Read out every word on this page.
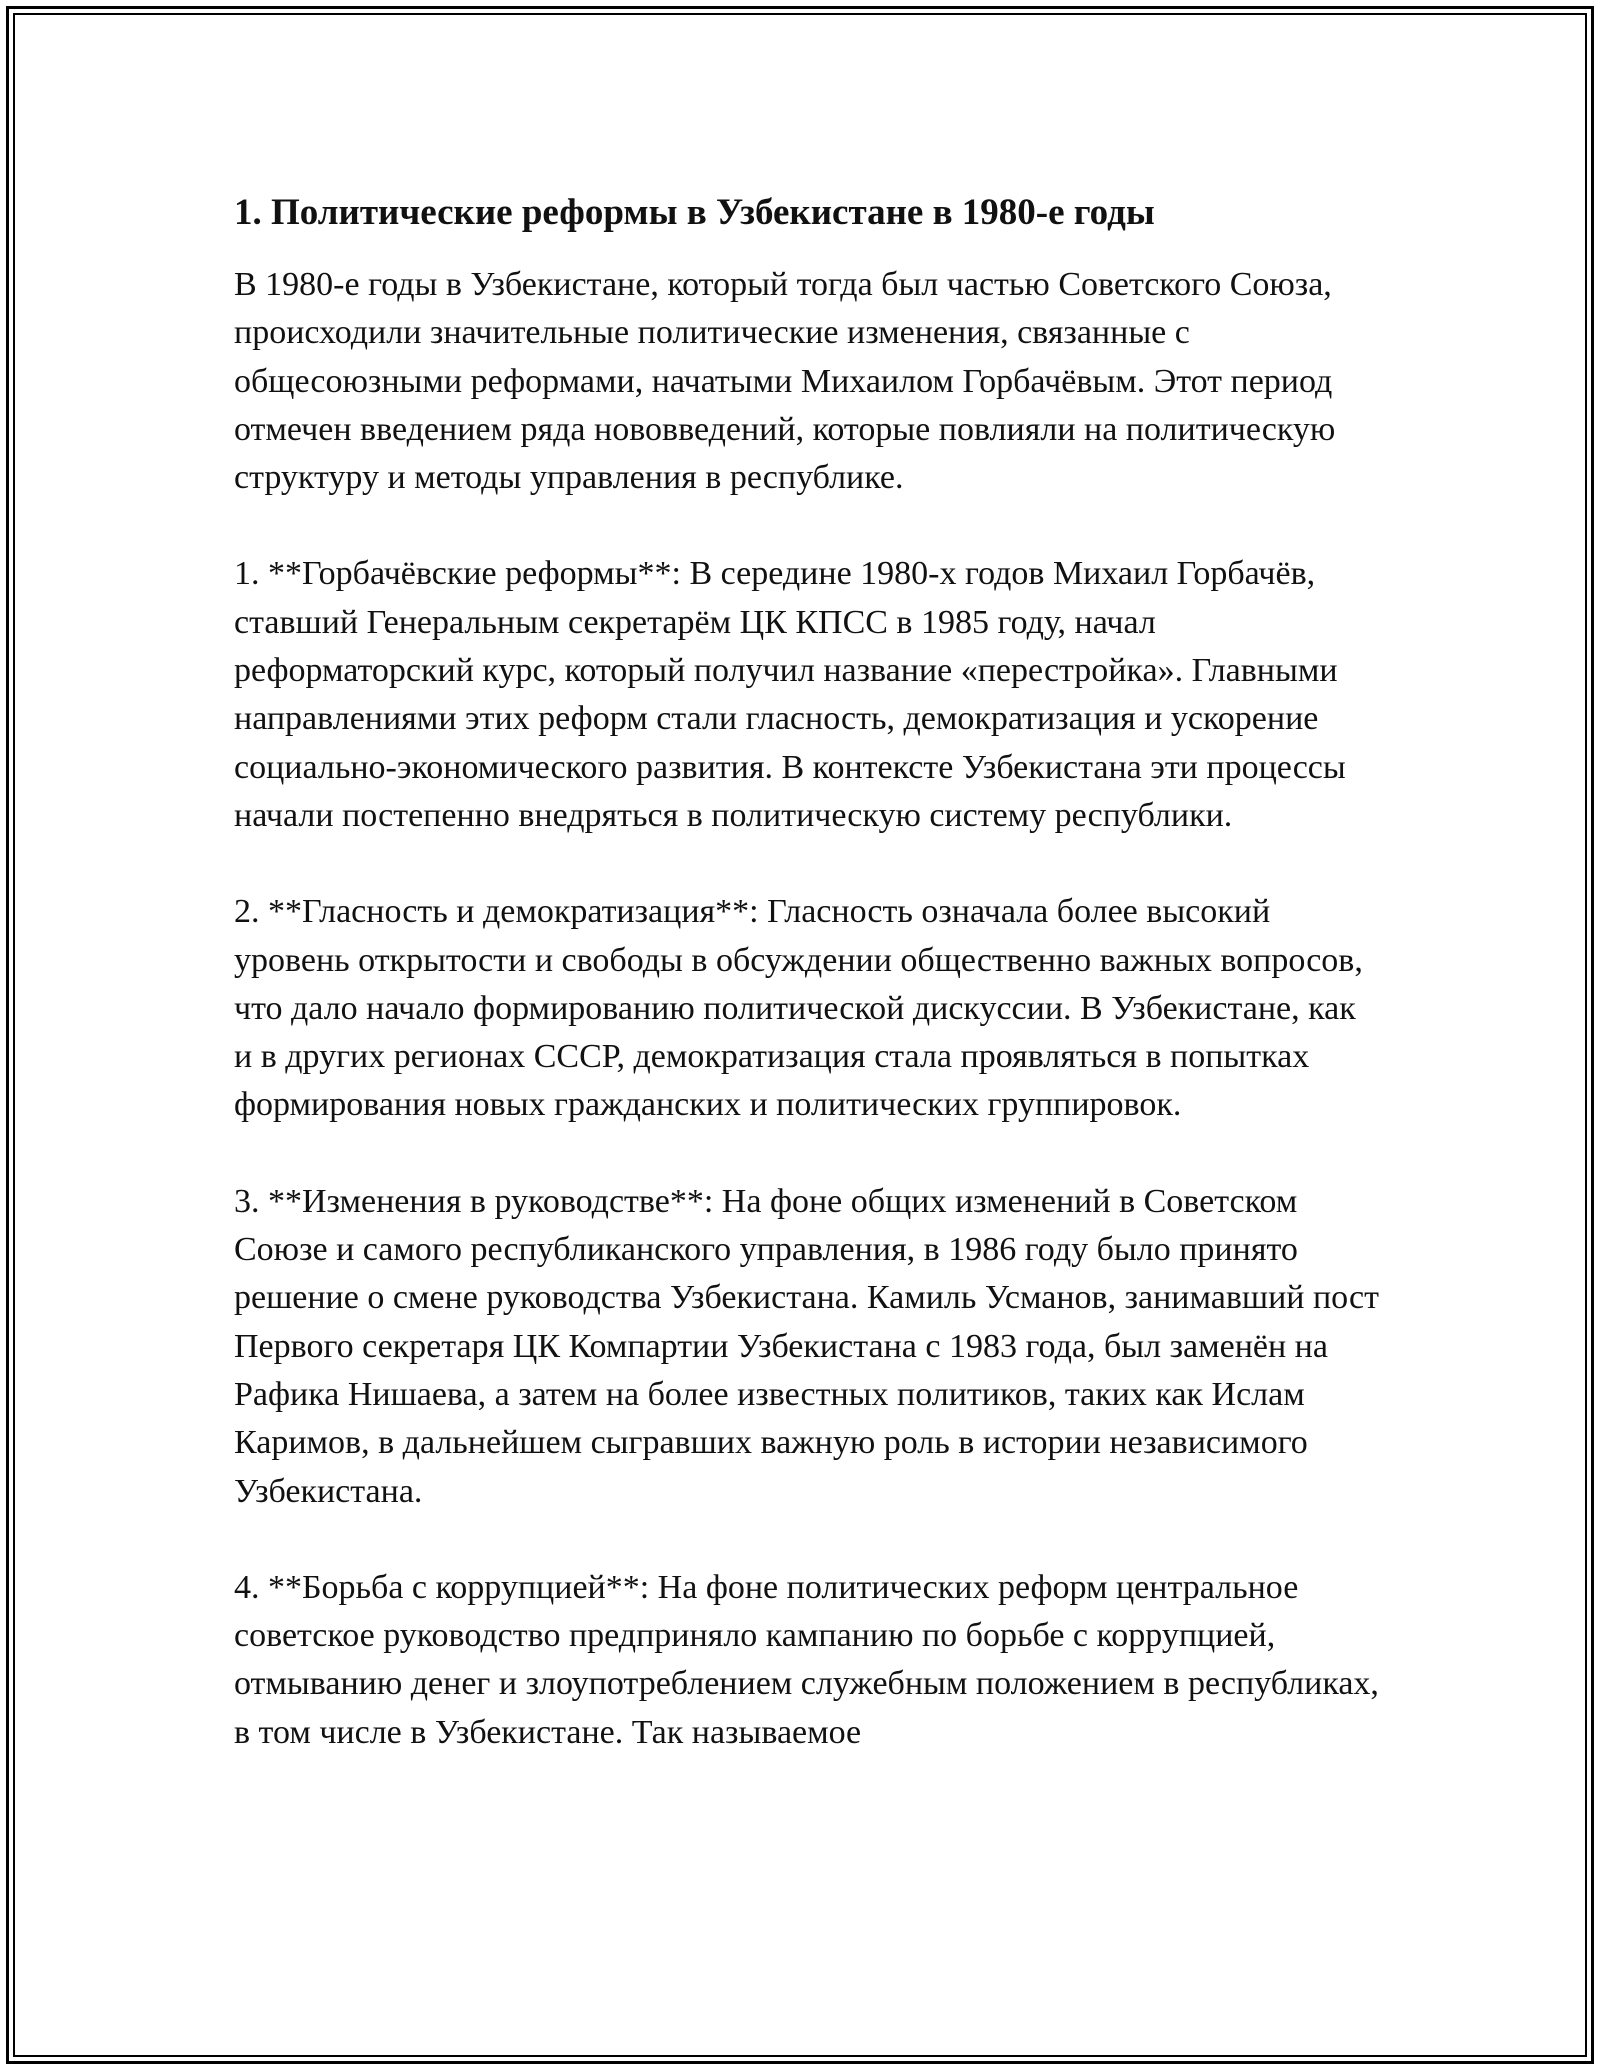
1. Политические реформы в Узбекистане в 1980-е годы

В 1980-е годы в Узбекистане, который тогда был частью Советского Союза, происходили значительные политические изменения, связанные с общесоюзными реформами, начатыми Михаилом Горбачёвым. Этот период отмечен введением ряда нововведений, которые повлияли на политическую структуру и методы управления в республике.

1. **Горбачёвские реформы**: В середине 1980-х годов Михаил Горбачёв, ставший Генеральным секретарём ЦК КПСС в 1985 году, начал реформаторский курс, который получил название «перестройка». Главными направлениями этих реформ стали гласность, демократизация и ускорение социально-экономического развития. В контексте Узбекистана эти процессы начали постепенно внедряться в политическую систему республики.

2. **Гласность и демократизация**: Гласность означала более высокий уровень открытости и свободы в обсуждении общественно важных вопросов, что дало начало формированию политической дискуссии. В Узбекистане, как и в других регионах СССР, демократизация стала проявляться в попытках формирования новых гражданских и политических группировок.

3. **Изменения в руководстве**: На фоне общих изменений в Советском Союзе и самого республиканского управления, в 1986 году было принято решение о смене руководства Узбекистана. Камиль Усманов, занимавший пост Первого секретаря ЦК Компартии Узбекистана с 1983 года, был заменён на Рафика Нишаева, а затем на более известных политиков, таких как Ислам Каримов, в дальнейшем сыгравших важную роль в истории независимого Узбекистана.

4. **Борьба с коррупцией**: На фоне политических реформ центральное советское руководство предприняло кампанию по борьбе с коррупцией, отмыванию денег и злоупотреблением служебным положением в республиках, в том числе в Узбекистане. Так называемое
